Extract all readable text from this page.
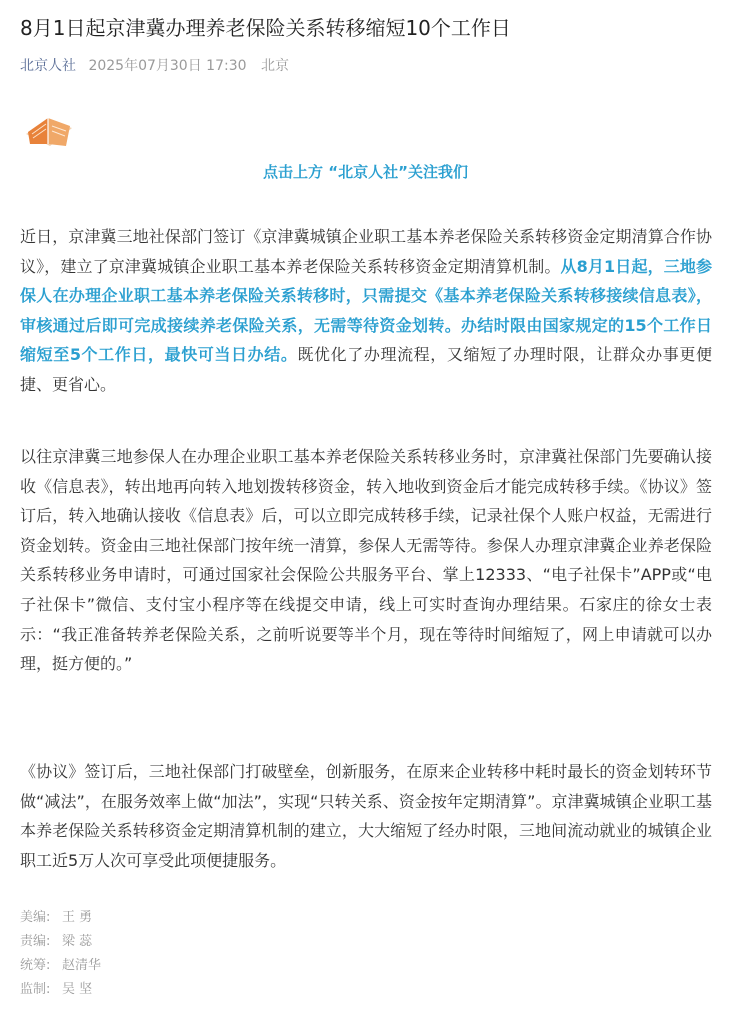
8月1日起京津冀办理养老保险关系转移缩短10个工作日
北京人社 2025年07月30日 17:30 北京
点击上方 “北京人社”关注我们

近日，京津冀三地社保部门签订《京津冀城镇企业职工基本养老保险关系转移资金定期清算合作协议》，建立了京津冀城镇企业职工基本养老保险关系转移资金定期清算机制。从8月1日起，三地参保人在办理企业职工基本养老保险关系转移时，只需提交《基本养老保险关系转移接续信息表》，审核通过后即可完成接续养老保险关系，无需等待资金划转。办结时限由国家规定的15个工作日缩短至5个工作日，最快可当日办结。既优化了办理流程，又缩短了办理时限，让群众办事更便捷、更省心。

以往京津冀三地参保人在办理企业职工基本养老保险关系转移业务时，京津冀社保部门先要确认接收《信息表》，转出地再向转入地划拨转移资金，转入地收到资金后才能完成转移手续。《协议》签订后，转入地确认接收《信息表》后，可以立即完成转移手续，记录社保个人账户权益，无需进行资金划转。资金由三地社保部门按年统一清算，参保人无需等待。参保人办理京津冀企业养老保险关系转移业务申请时，可通过国家社会保险公共服务平台、掌上12333、“电子社保卡”APP或“电子社保卡”微信、支付宝小程序等在线提交申请，线上可实时查询办理结果。石家庄的徐女士表示：“我正准备转养老保险关系，之前听说要等半个月，现在等待时间缩短了，网上申请就可以办理，挺方便的。”

《协议》签订后，三地社保部门打破壁垒，创新服务，在原来企业转移中耗时最长的资金划转环节做“减法”，在服务效率上做“加法”，实现“只转关系、资金按年定期清算”。京津冀城镇企业职工基本养老保险关系转移资金定期清算机制的建立，大大缩短了经办时限，三地间流动就业的城镇企业职工近5万人次可享受此项便捷服务。

美编: 王 勇
责编: 梁 蕊
统筹: 赵清华
监制: 吴 坚
